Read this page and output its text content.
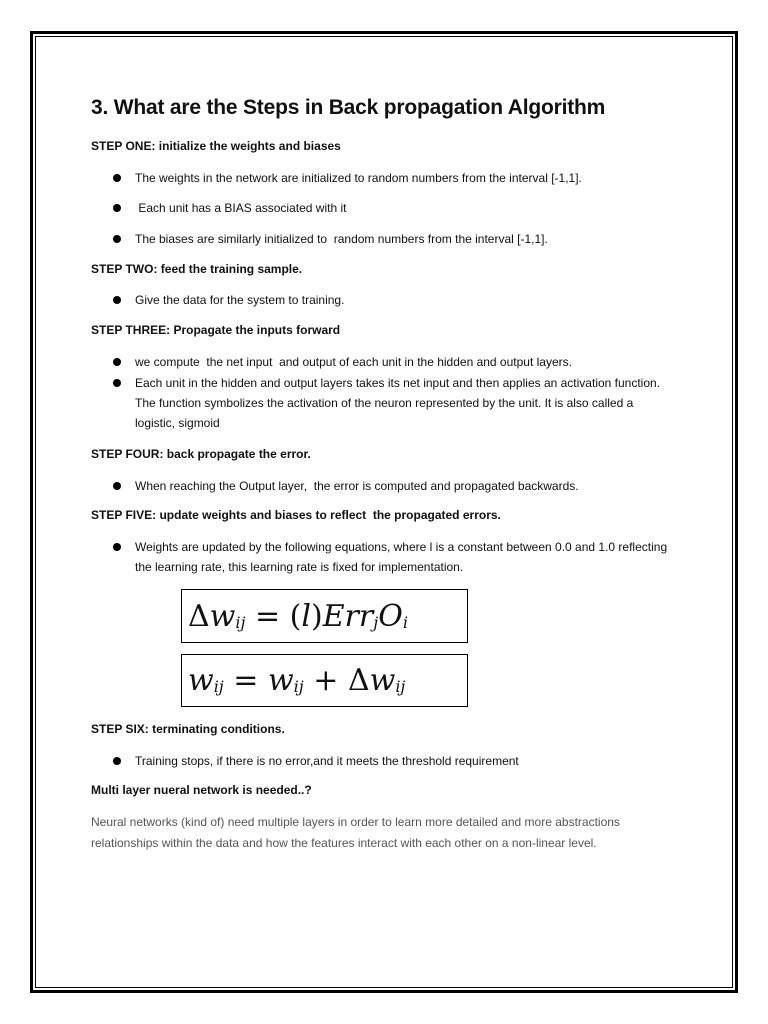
3. What are the Steps in Back propagation Algorithm

STEP ONE: initialize the weights and biases

The weights in the network are initialized to random numbers from the interval [-1,1].
Each unit has a BIAS associated with it
The biases are similarly initialized to  random numbers from the interval [-1,1].

STEP TWO: feed the training sample.

Give the data for the system to training.

STEP THREE: Propagate the inputs forward

we compute  the net input  and output of each unit in the hidden and output layers.
Each unit in the hidden and output layers takes its net input and then applies an activation function. The function symbolizes the activation of the neuron represented by the unit. It is also called a logistic, sigmoid

STEP FOUR: back propagate the error.

When reaching the Output layer,  the error is computed and propagated backwards.

STEP FIVE: update weights and biases to reflect  the propagated errors.

Weights are updated by the following equations, where l is a constant between 0.0 and 1.0 reflecting the learning rate, this learning rate is fixed for implementation.
Δ $w_{ij}$ = ( l ) Err$_j$ $O_i$
$w_{ij} = w_{ij} + \Delta$ $w_{ij}$

STEP SIX: terminating conditions.

Training stops, if there is no error,and it meets the threshold requirement

Multi layer nueral network is needed..?

Neural networks (kind of) need multiple layers in order to learn more detailed and more abstractions relationships within the data and how the features interact with each other on a non-linear level.
